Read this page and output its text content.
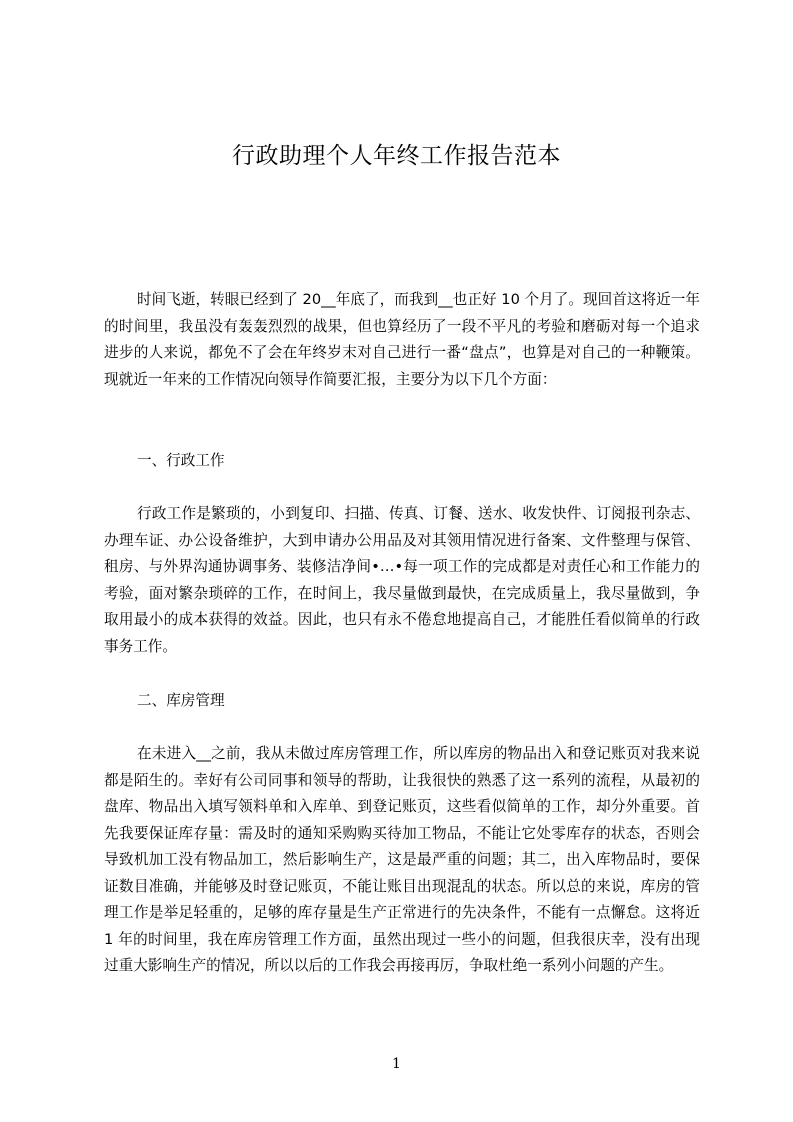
行政助理个人年终工作报告范本

时间飞逝，转眼已经到了 20__年底了，而我到__也正好 10 个月了。现回首这将近一年的时间里，我虽没有轰轰烈烈的战果，但也算经历了一段不平凡的考验和磨砺对每一个追求进步的人来说，都免不了会在年终岁末对自己进行一番“盘点”，也算是对自己的一种鞭策。现就近一年来的工作情况向领导作简要汇报，主要分为以下几个方面：

一、行政工作

行政工作是繁琐的，小到复印、扫描、传真、订餐、送水、收发快件、订阅报刊杂志、办理车证、办公设备维护，大到申请办公用品及对其领用情况进行备案、文件整理与保管、租房、与外界沟通协调事务、装修洁净间•…•每一项工作的完成都是对责任心和工作能力的考验，面对繁杂琐碎的工作，在时间上，我尽量做到最快，在完成质量上，我尽量做到，争取用最小的成本获得的效益。因此，也只有永不倦怠地提高自己，才能胜任看似简单的行政事务工作。

二、库房管理

在未进入__之前，我从未做过库房管理工作，所以库房的物品出入和登记账页对我来说都是陌生的。幸好有公司同事和领导的帮助，让我很快的熟悉了这一系列的流程，从最初的盘库、物品出入填写领料单和入库单、到登记账页，这些看似简单的工作，却分外重要。首先我要保证库存量：需及时的通知采购购买待加工物品，不能让它处零库存的状态，否则会导致机加工没有物品加工，然后影响生产，这是最严重的问题；其二，出入库物品时，要保证数目准确，并能够及时登记账页，不能让账目出现混乱的状态。所以总的来说，库房的管理工作是举足轻重的，足够的库存量是生产正常进行的先决条件，不能有一点懈怠。这将近 1 年的时间里，我在库房管理工作方面，虽然出现过一些小的问题，但我很庆幸，没有出现过重大影响生产的情况，所以以后的工作我会再接再厉，争取杜绝一系列小问题的产生。

1
